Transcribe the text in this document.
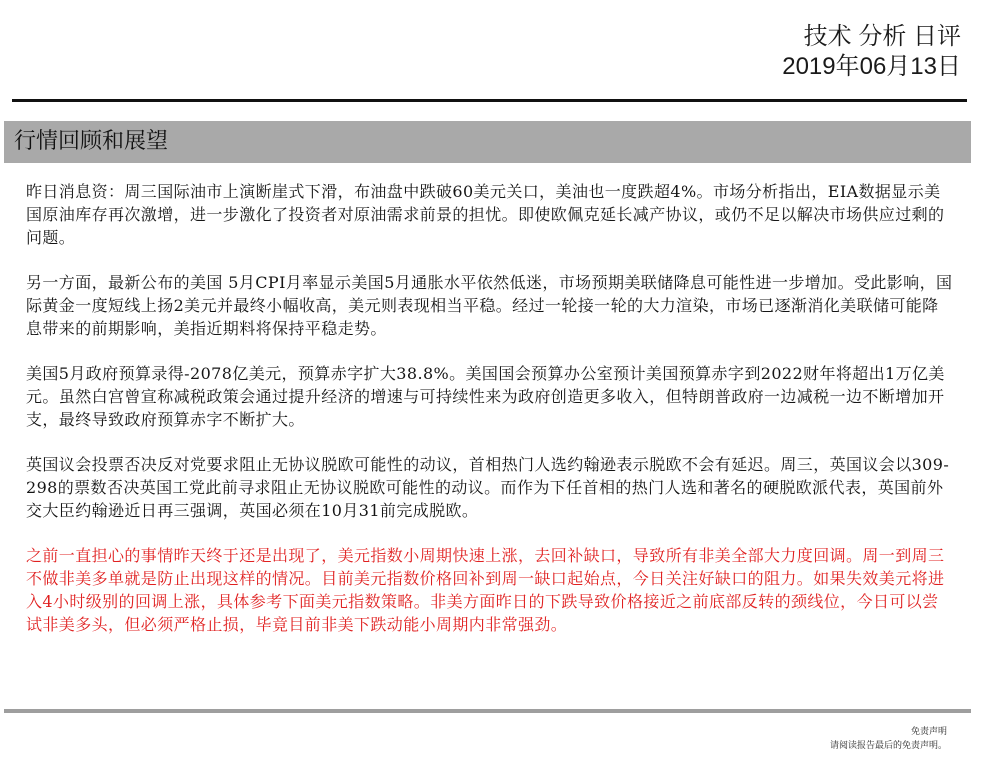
技术 分析 日评
2019年06月13日
行情回顾和展望

昨日消息资：周三国际油市上演断崖式下滑，布油盘中跌破60美元关口，美油也一度跌超4%。市场分析指出，EIA数据显示美国原油库存再次激增，进一步激化了投资者对原油需求前景的担忧。即使欧佩克延长减产协议，或仍不足以解决市场供应过剩的问题。

另一方面，最新公布的美国 5月CPI月率显示美国5月通胀水平依然低迷，市场预期美联储降息可能性进一步增加。受此影响，国际黄金一度短线上扬2美元并最终小幅收高，美元则表现相当平稳。经过一轮接一轮的大力渲染，市场已逐渐消化美联储可能降息带来的前期影响，美指近期料将保持平稳走势。

美国5月政府预算录得-2078亿美元，预算赤字扩大38.8%。美国国会预算办公室预计美国预算赤字到2022财年将超出1万亿美元。虽然白宫曾宣称减税政策会通过提升经济的增速与可持续性来为政府创造更多收入，但特朗普政府一边减税一边不断增加开支，最终导致政府预算赤字不断扩大。

英国议会投票否决反对党要求阻止无协议脱欧可能性的动议，首相热门人选约翰逊表示脱欧不会有延迟。周三，英国议会以309-298的票数否决英国工党此前寻求阻止无协议脱欧可能性的动议。而作为下任首相的热门人选和著名的硬脱欧派代表，英国前外交大臣约翰逊近日再三强调，英国必须在10月31前完成脱欧。

之前一直担心的事情昨天终于还是出现了，美元指数小周期快速上涨，去回补缺口，导致所有非美全部大力度回调。周一到周三不做非美多单就是防止出现这样的情况。目前美元指数价格回补到周一缺口起始点，今日关注好缺口的阻力。如果失效美元将进入4小时级别的回调上涨，具体参考下面美元指数策略。非美方面昨日的下跌导致价格接近之前底部反转的颈线位，今日可以尝试非美多头，但必须严格止损，毕竟目前非美下跌动能小周期内非常强劲。

免责声明
请阅读报告最后的免责声明。
